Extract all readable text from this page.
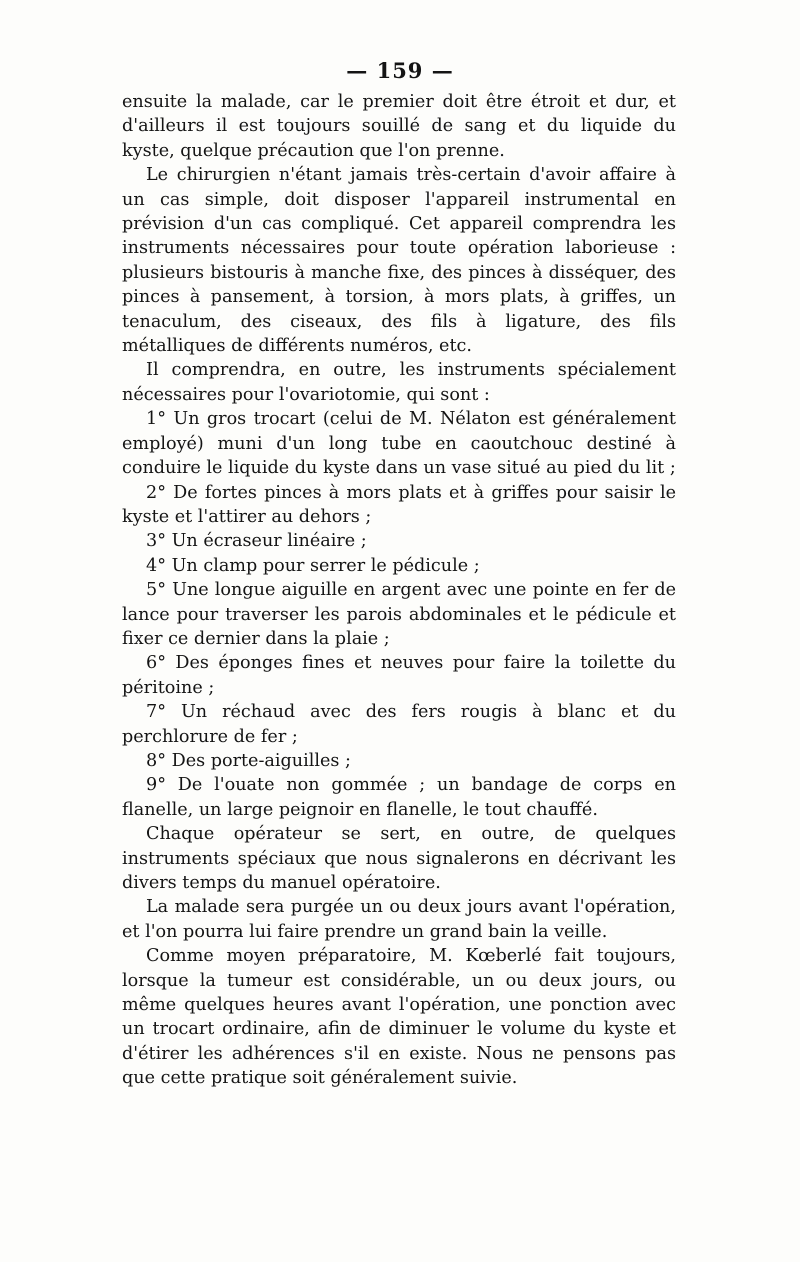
— 159 —

ensuite la malade, car le premier doit être étroit et dur, et d'ailleurs il est toujours souillé de sang et du liquide du kyste, quelque précaution que l'on prenne.

Le chirurgien n'étant jamais très-certain d'avoir affaire à un cas simple, doit disposer l'appareil instrumental en prévision d'un cas compliqué. Cet appareil comprendra les instruments nécessaires pour toute opération laborieuse : plusieurs bistouris à manche fixe, des pinces à disséquer, des pinces à pansement, à torsion, à mors plats, à griffes, un tenaculum, des ciseaux, des fils à ligature, des fils métalliques de différents numéros, etc.

Il comprendra, en outre, les instruments spécialement nécessaires pour l'ovariotomie, qui sont :

1° Un gros trocart (celui de M. Nélaton est généralement employé) muni d'un long tube en caoutchouc destiné à conduire le liquide du kyste dans un vase situé au pied du lit ;

2° De fortes pinces à mors plats et à griffes pour saisir le kyste et l'attirer au dehors ;

3° Un écraseur linéaire ;

4° Un clamp pour serrer le pédicule ;

5° Une longue aiguille en argent avec une pointe en fer de lance pour traverser les parois abdominales et le pédicule et fixer ce dernier dans la plaie ;

6° Des éponges fines et neuves pour faire la toilette du péritoine ;

7° Un réchaud avec des fers rougis à blanc et du perchlorure de fer ;

8° Des porte-aiguilles ;

9° De l'ouate non gommée ; un bandage de corps en flanelle, un large peignoir en flanelle, le tout chauffé.

Chaque opérateur se sert, en outre, de quelques instruments spéciaux que nous signalerons en décrivant les divers temps du manuel opératoire.

La malade sera purgée un ou deux jours avant l'opération, et l'on pourra lui faire prendre un grand bain la veille.

Comme moyen préparatoire, M. Kœberlé fait toujours, lorsque la tumeur est considérable, un ou deux jours, ou même quelques heures avant l'opération, une ponction avec un trocart ordinaire, afin de diminuer le volume du kyste et d'étirer les adhérences s'il en existe. Nous ne pensons pas que cette pratique soit généralement suivie.
